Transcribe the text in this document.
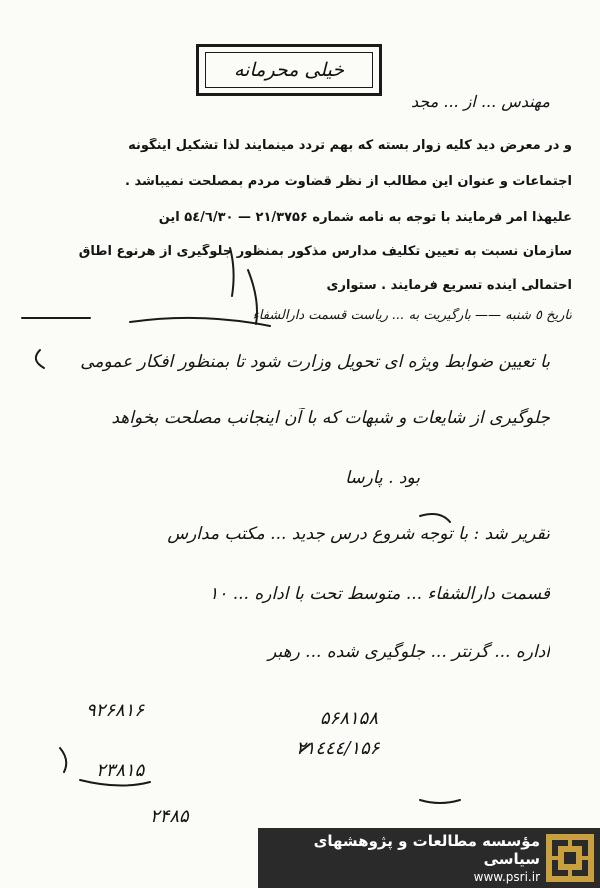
خیلی محرمانه
مهندس ... از ... مجد
و در معرض دید کلیه زوار بسته که بهم تردد مینمایند لذا تشکیل اینگونه
اجتماعات و عنوان این مطالب از نظر قضاوت مردم بمصلحت نمیباشد .
علیهذا امر فرمایند با توجه به نامه شماره ۲۱/۳۷۵۶ — ۵٤/٦/۳۰ این
سازمان نسبت به تعیین تکلیف مدارس مذکور بمنظور جلوگیری از هرنوع اطاق
احتمالی آینده تسریع فرمایند . ستواری
تاریخ ٥ شنبه —— بارگیریت به ... ریاست قسمت دارالشفاء
با تعیین ضوابط ویژه ای تحویل وزارت شود تا بمنظور افکار عمومی
جلوگیری از شایعات و شبهات که با آن اینجانب مصلحت بخواهد
بود . پارسا
تقریر شد : با توجه شروع درس جدید ... مکتب مدارس
قسمت دارالشفاء ... متوسط تحت با اداره ... ۱۰
اداره ... گرنتر ... جلوگیری شده ... رهبر
۹۲۶۸۱۶	۵۶۸۱۵۸
۲۱٤٤٤/۱۵۶
۲۳۸۱۵
۲۴۸۵
مؤسسه مطالعات و پژوهشهای سیاسی
www.psri.ir
